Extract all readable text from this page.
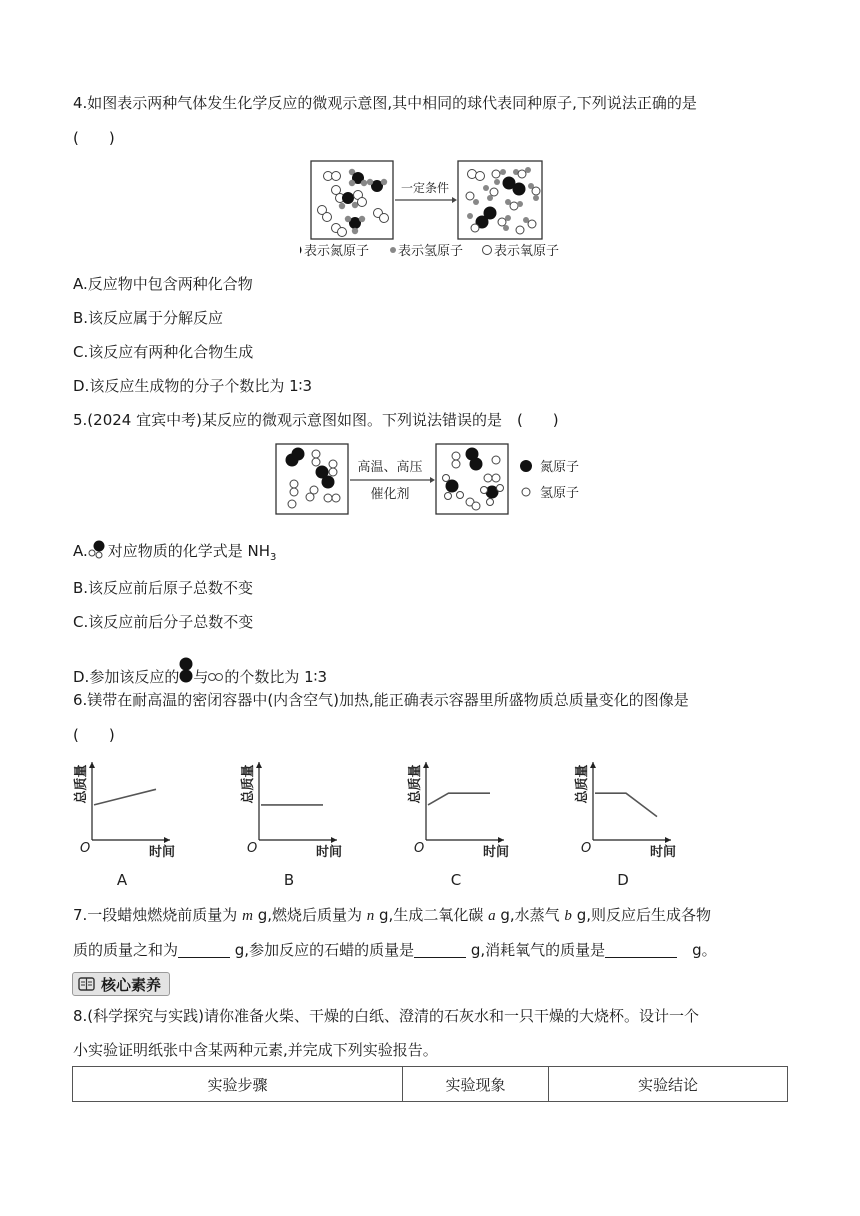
4.如图表示两种气体发生化学反应的微观示意图,其中相同的球代表同种原子,下列说法正确的是
(　　)
一定条件
表示氮原子 表示氢原子 表示氧原子
A.反应物中包含两种化合物
B.该反应属于分解反应
C.该反应有两种化合物生成
D.该反应生成物的分子个数比为 1∶3
5.(2024 宜宾中考)某反应的微观示意图如图。下列说法错误的是　(　　)
高温、高压
催化剂
氮原子
氢原子
A. 对应物质的化学式是 $NH_3$
B.该反应前后原子总数不变
C.该反应前后分子总数不变
D.参加该反应的 与 的个数比为 1∶3
6.镁带在耐高温的密闭容器中(内含空气)加热,能正确表示容器里所盛物质总质量变化的图像是
(　　)
总质量
O	时间
A
总质量
O	时间
B
总质量
O	时间
C
总质量
O	时间
D
7.一段蜡烛燃烧前质量为 m g,燃烧后质量为 n g,生成二氧化碳 a g,水蒸气 b g,则反应后生成各物
质的质量之和为	g,参加反应的石蜡的质量是	g,消耗氧气的质量是	　g。
核心素养
8.(科学探究与实践)请你准备火柴、干燥的白纸、澄清的石灰水和一只干燥的大烧杯。设计一个
小实验证明纸张中含某两种元素,并完成下列实验报告。
实验步骤	实验现象	实验结论
